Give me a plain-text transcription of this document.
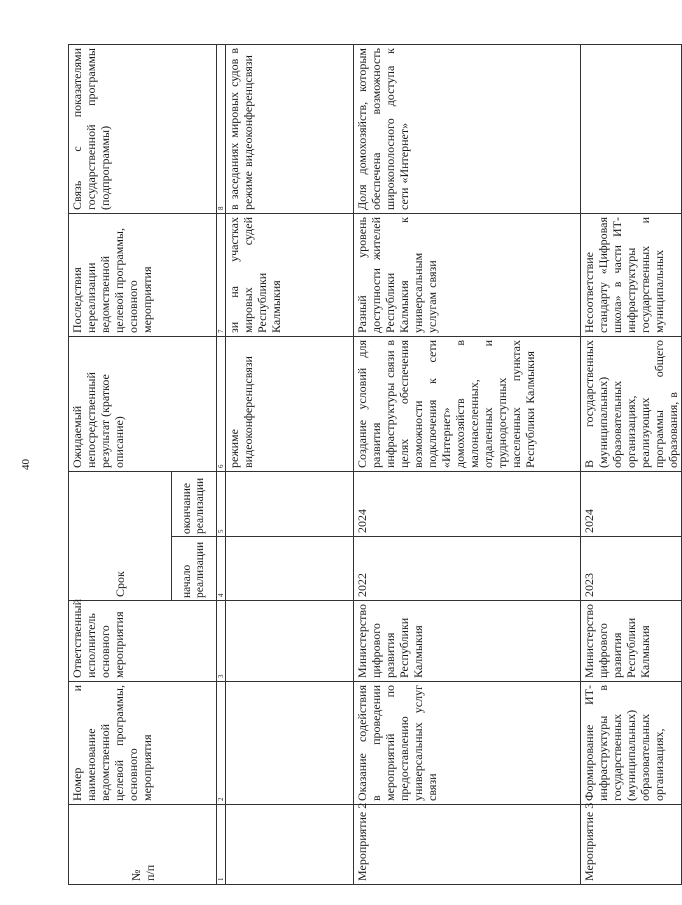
40
№
п/п	Номер и наименование ведомственной целевой программы, основного мероприятия	Ответственный исполнитель основного мероприятия	Срок		Ожидаемый непосредственный результат (краткое описание)	Последствия нереализации ведомственной целевой программы, основного мероприятия	Связь с показателями государственной программы (подпрограммы)
			начало реализации	окончание реализации			
1	2	3	4	5	6	7	8
					режиме видеоконференцсвязи	зи на участках мировых судей Республики Калмыкия	в заседаниях мировых судов в режиме видеоконференцсвязи
Мероприятие 2	Оказание содействия в проведении мероприятий по предоставлению универсальных услуг связи	Министерство цифрового развития Республики Калмыкия	2022	2024	Создание условий для развития инфраструктуры связи в целях обеспечения возможности подключения к сети «Интернет» домохозяйств в малонаселенных, отдаленных и труднодоступных населенных пунктах Республики Калмыкия	Разный уровень доступности жителей Республики Калмыкия к универсальным услугам связи	Доля домохозяйств, которым обеспечена возможность широкополосного доступа к сети «Интернет»
Мероприятие 3	Формирование ИТ-инфраструктуры в государственных (муниципальных) образовательных организациях,	Министерство цифрового развития Республики Калмыкия	2023	2024	В государственных (муниципальных) образовательных организациях, реализующих программы общего образования, в	Несоответствие стандарту «Цифровая школа» в части ИТ-инфраструктуры государственных и муниципальных	
